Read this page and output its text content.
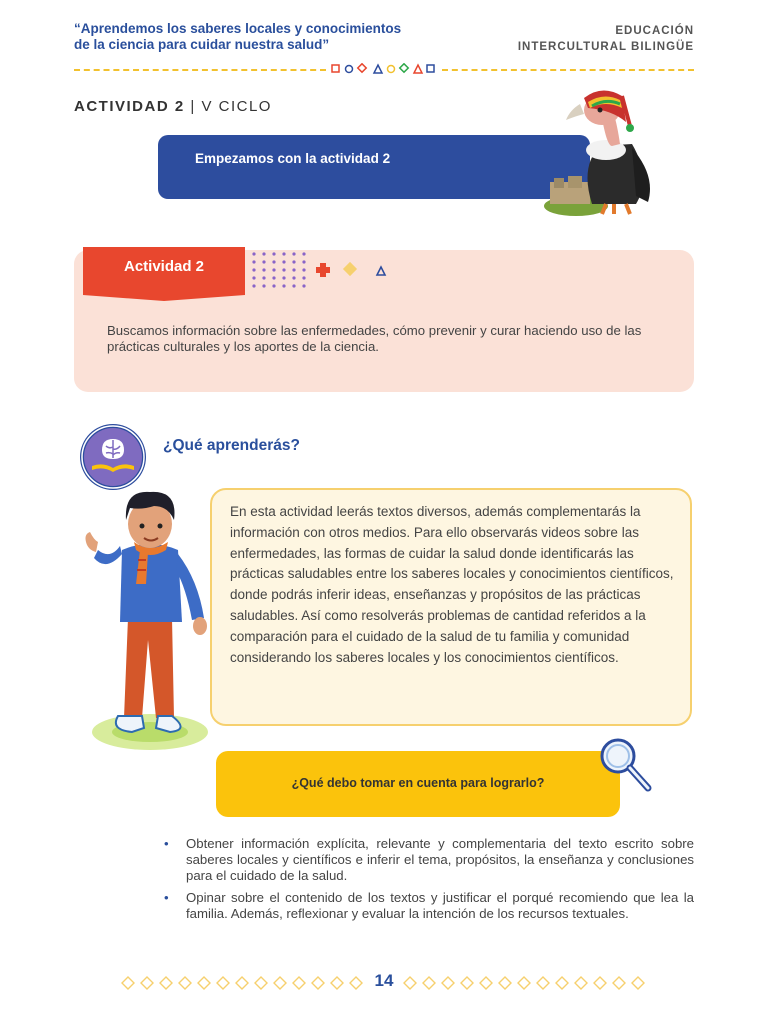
“Aprendemos los saberes locales y conocimientos
de la ciencia para cuidar nuestra salud”
EDUCACIÓN
INTERCULTURAL BILINGÜE
ACTIVIDAD 2 | V CICLO
Empezamos con la actividad 2
Actividad 2
Buscamos información sobre las enfermedades, cómo prevenir y curar haciendo uso de las prácticas culturales y los aportes de la ciencia.
¿Qué aprenderás?
En esta actividad leerás textos diversos, además complementarás la información con otros medios. Para ello observarás videos sobre las enfermedades, las formas de cuidar la salud donde identificarás las prácticas saludables entre los saberes locales y conocimientos científicos, donde podrás inferir ideas, enseñanzas y propósitos de las prácticas saludables. Así como resolverás problemas de cantidad referidos a la comparación para el cuidado de la salud de tu familia y comunidad considerando los saberes locales y los conocimientos científicos.
¿Qué debo tomar en cuenta para lograrlo?
• Obtener información explícita, relevante y complementaria del texto escrito sobre saberes locales y científicos e inferir el tema, propósitos, la enseñanza y conclusiones para el cuidado de la salud.
• Opinar sobre el contenido de los textos y justificar el porqué recomiendo que lea la familia. Además, reflexionar y evaluar la intención de los recursos textuales.
14
